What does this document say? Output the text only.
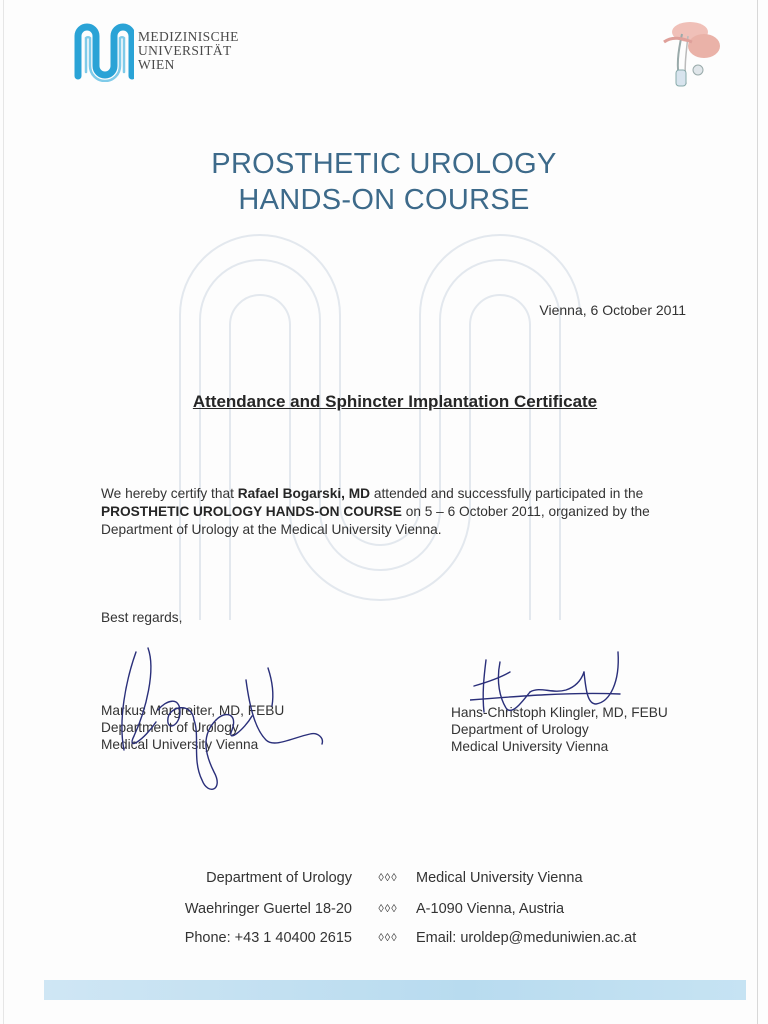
MEDIZINISCHE
UNIVERSITÄT
WIEN
PROSTHETIC UROLOGY
HANDS-ON COURSE
Vienna, 6 October 2011
Attendance and Sphincter Implantation Certificate
We hereby certify that Rafael Bogarski, MD attended and successfully participated in the PROSTHETIC UROLOGY HANDS-ON COURSE on 5 – 6 October 2011, organized by the Department of Urology at the Medical University Vienna.
Best regards,
Markus Margreiter, MD, FEBU
Department of Urology
Medical University Vienna
Hans-Christoph Klingler, MD, FEBU
Department of Urology
Medical University Vienna
Department of Urology	◊◊◊	Medical University Vienna
Waehringer Guertel 18-20	◊◊◊	A-1090 Vienna, Austria
Phone: +43 1 40400 2615	◊◊◊	Email: uroldep@meduniwien.ac.at
